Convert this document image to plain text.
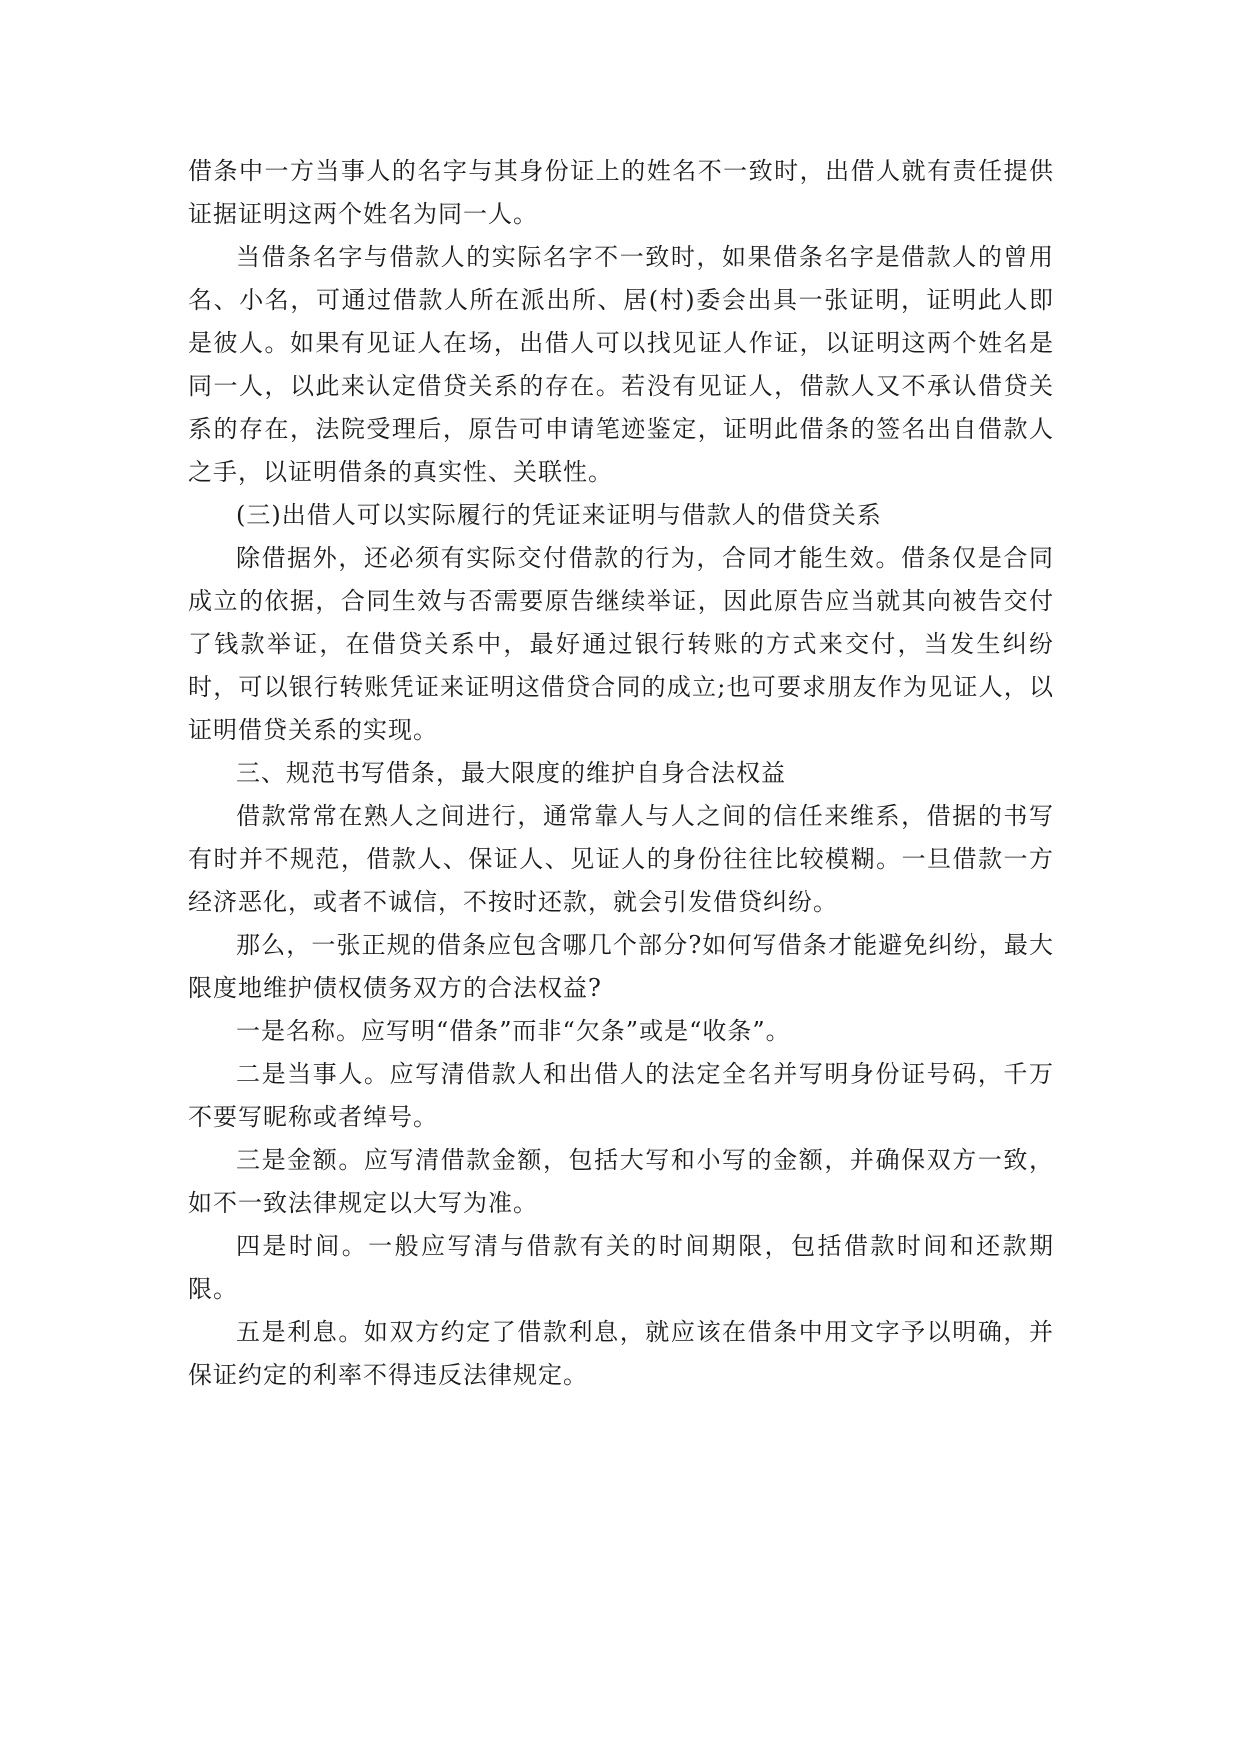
借条中一方当事人的名字与其身份证上的姓名不一致时，出借人就有责任提供证据证明这两个姓名为同一人。

当借条名字与借款人的实际名字不一致时，如果借条名字是借款人的曾用名、小名，可通过借款人所在派出所、居(村)委会出具一张证明，证明此人即是彼人。如果有见证人在场，出借人可以找见证人作证，以证明这两个姓名是同一人，以此来认定借贷关系的存在。若没有见证人，借款人又不承认借贷关系的存在，法院受理后，原告可申请笔迹鉴定，证明此借条的签名出自借款人之手，以证明借条的真实性、关联性。

(三)出借人可以实际履行的凭证来证明与借款人的借贷关系

除借据外，还必须有实际交付借款的行为，合同才能生效。借条仅是合同成立的依据，合同生效与否需要原告继续举证，因此原告应当就其向被告交付了钱款举证，在借贷关系中，最好通过银行转账的方式来交付，当发生纠纷时，可以银行转账凭证来证明这借贷合同的成立;也可要求朋友作为见证人，以证明借贷关系的实现。

三、规范书写借条，最大限度的维护自身合法权益

借款常常在熟人之间进行，通常靠人与人之间的信任来维系，借据的书写有时并不规范，借款人、保证人、见证人的身份往往比较模糊。一旦借款一方经济恶化，或者不诚信，不按时还款，就会引发借贷纠纷。

那么，一张正规的借条应包含哪几个部分?如何写借条才能避免纠纷，最大限度地维护债权债务双方的合法权益?

一是名称。应写明“借条”而非“欠条”或是“收条”。

二是当事人。应写清借款人和出借人的法定全名并写明身份证号码，千万不要写昵称或者绰号。

三是金额。应写清借款金额，包括大写和小写的金额，并确保双方一致，如不一致法律规定以大写为准。

四是时间。一般应写清与借款有关的时间期限，包括借款时间和还款期限。

五是利息。如双方约定了借款利息，就应该在借条中用文字予以明确，并保证约定的利率不得违反法律规定。
